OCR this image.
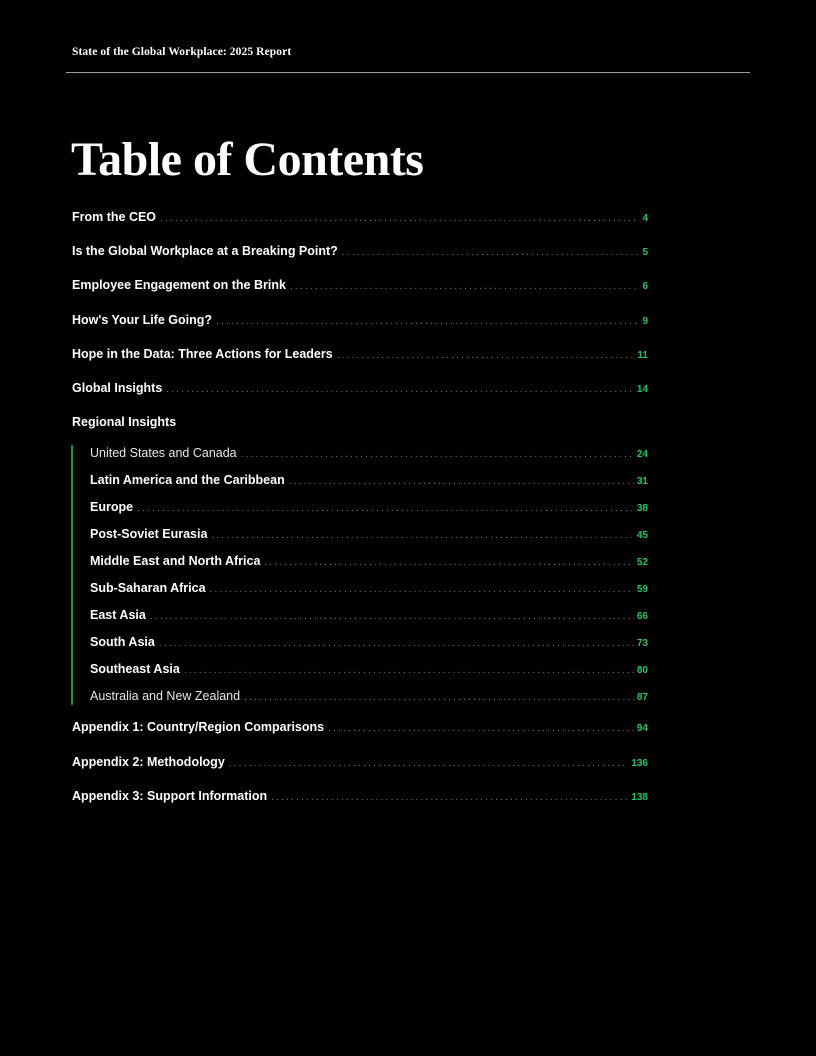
State of the Global Workplace: 2025 Report
Table of Contents
From the CEO .....	4
Is the Global Workplace at a Breaking Point? .....	5
Employee Engagement on the Brink .....	6
How's Your Life Going? .....	9
Hope in the Data: Three Actions for Leaders .....	11
Global Insights .....	14
Regional Insights
United States and Canada .....	24
Latin America and the Caribbean .....	31
Europe .....	38
Post-Soviet Eurasia .....	45
Middle East and North Africa .....	52
Sub-Saharan Africa .....	59
East Asia .....	66
South Asia .....	73
Southeast Asia .....	80
Australia and New Zealand .....	87
Appendix 1: Country/Region Comparisons .....	94
Appendix 2: Methodology .....	136
Appendix 3: Support Information .....	138
